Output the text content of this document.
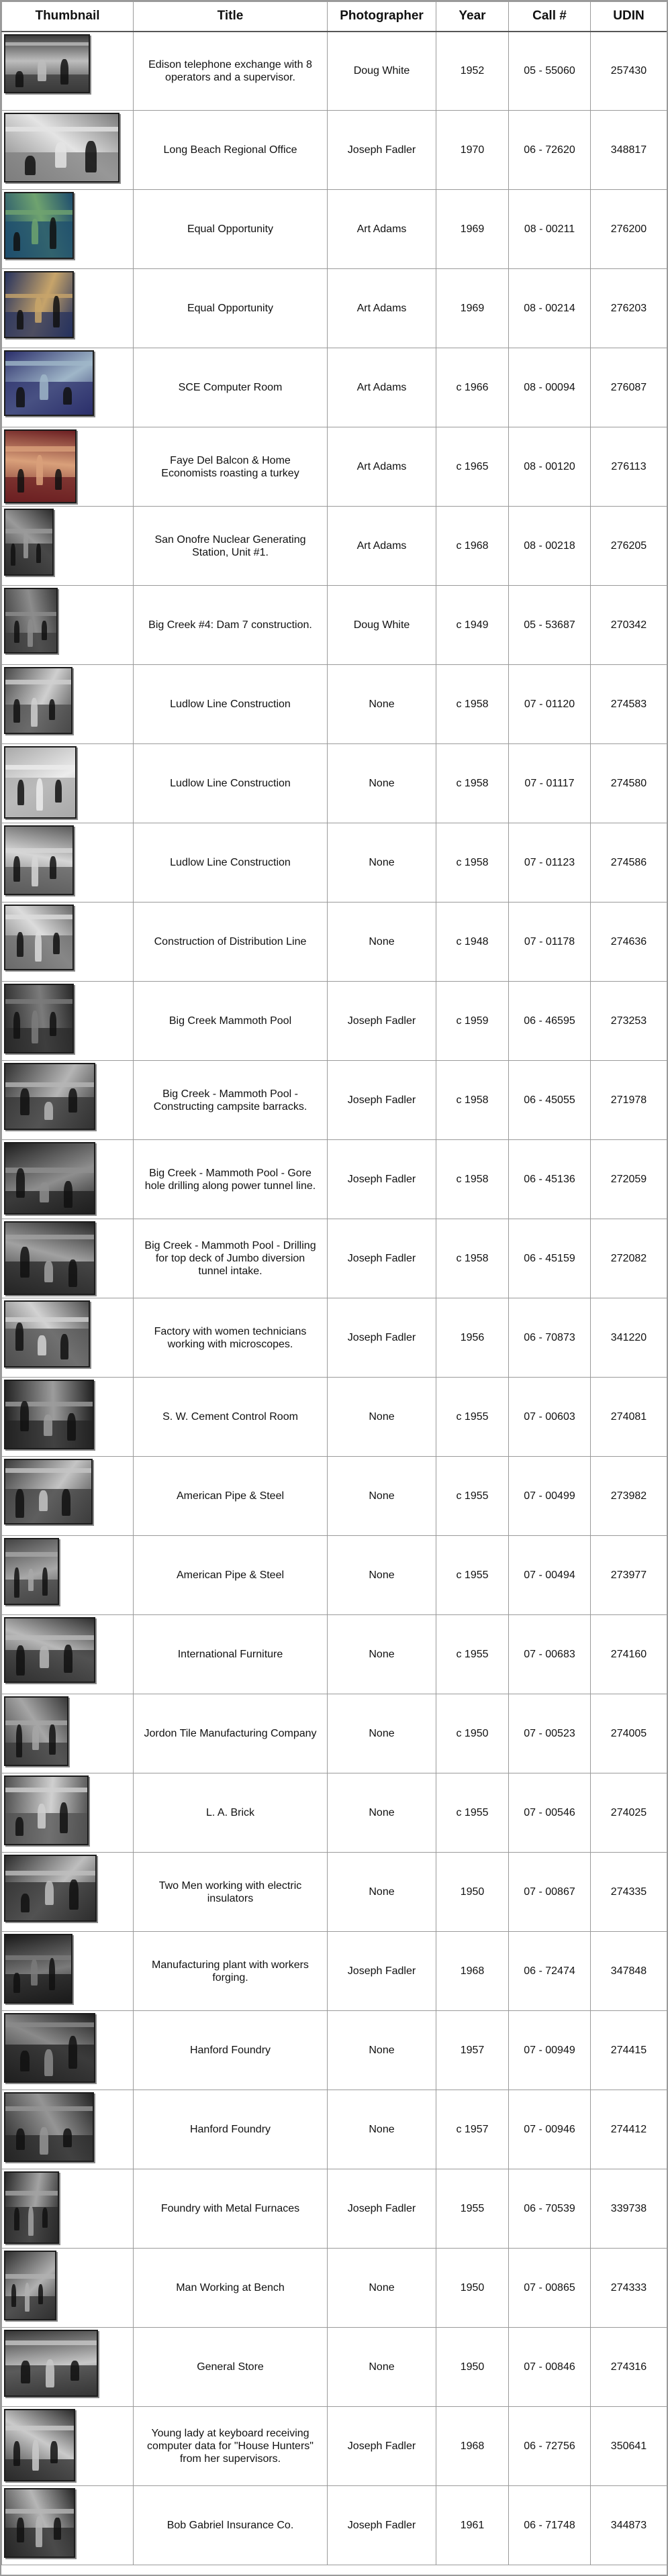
Thumbnail	Title	Photographer	Year	Call #	UDIN

	Edison telephone exchange with 8 operators and a supervisor.	Doug White	1952	05 - 55060	257430

	Long Beach Regional Office	Joseph Fadler	1970	06 - 72620	348817

	Equal Opportunity	Art Adams	1969	08 - 00211	276200

	Equal Opportunity	Art Adams	1969	08 - 00214	276203

	SCE Computer Room	Art Adams	c 1966	08 - 00094	276087

	Faye Del Balcon & Home Economists roasting a turkey	Art Adams	c 1965	08 - 00120	276113

	San Onofre Nuclear Generating Station, Unit #1.	Art Adams	c 1968	08 - 00218	276205

	Big Creek #4: Dam 7 construction.	Doug White	c 1949	05 - 53687	270342

	Ludlow Line Construction	None	c 1958	07 - 01120	274583

	Ludlow Line Construction	None	c 1958	07 - 01117	274580

	Ludlow Line Construction	None	c 1958	07 - 01123	274586

	Construction of Distribution Line	None	c 1948	07 - 01178	274636

	Big Creek Mammoth Pool	Joseph Fadler	c 1959	06 - 46595	273253

	Big Creek - Mammoth Pool - Constructing campsite barracks.	Joseph Fadler	c 1958	06 - 45055	271978

	Big Creek - Mammoth Pool - Gore hole drilling along power tunnel line.	Joseph Fadler	c 1958	06 - 45136	272059

	Big Creek - Mammoth Pool - Drilling for top deck of Jumbo diversion tunnel intake.	Joseph Fadler	c 1958	06 - 45159	272082

	Factory with women technicians working with microscopes.	Joseph Fadler	1956	06 - 70873	341220

	S. W. Cement Control Room	None	c 1955	07 - 00603	274081

	American Pipe & Steel	None	c 1955	07 - 00499	273982

	American Pipe & Steel	None	c 1955	07 - 00494	273977

	International Furniture	None	c 1955	07 - 00683	274160

	Jordon Tile Manufacturing Company	None	c 1950	07 - 00523	274005

	L. A. Brick	None	c 1955	07 - 00546	274025

	Two Men working with electric insulators	None	1950	07 - 00867	274335

	Manufacturing plant with workers forging.	Joseph Fadler	1968	06 - 72474	347848

	Hanford Foundry	None	1957	07 - 00949	274415

	Hanford Foundry	None	c 1957	07 - 00946	274412

	Foundry with Metal Furnaces	Joseph Fadler	1955	06 - 70539	339738

	Man Working at Bench	None	1950	07 - 00865	274333

	General Store	None	1950	07 - 00846	274316

	Young lady at keyboard receiving computer data for "House Hunters" from her supervisors.	Joseph Fadler	1968	06 - 72756	350641

	Bob Gabriel Insurance Co.	Joseph Fadler	1961	06 - 71748	344873
